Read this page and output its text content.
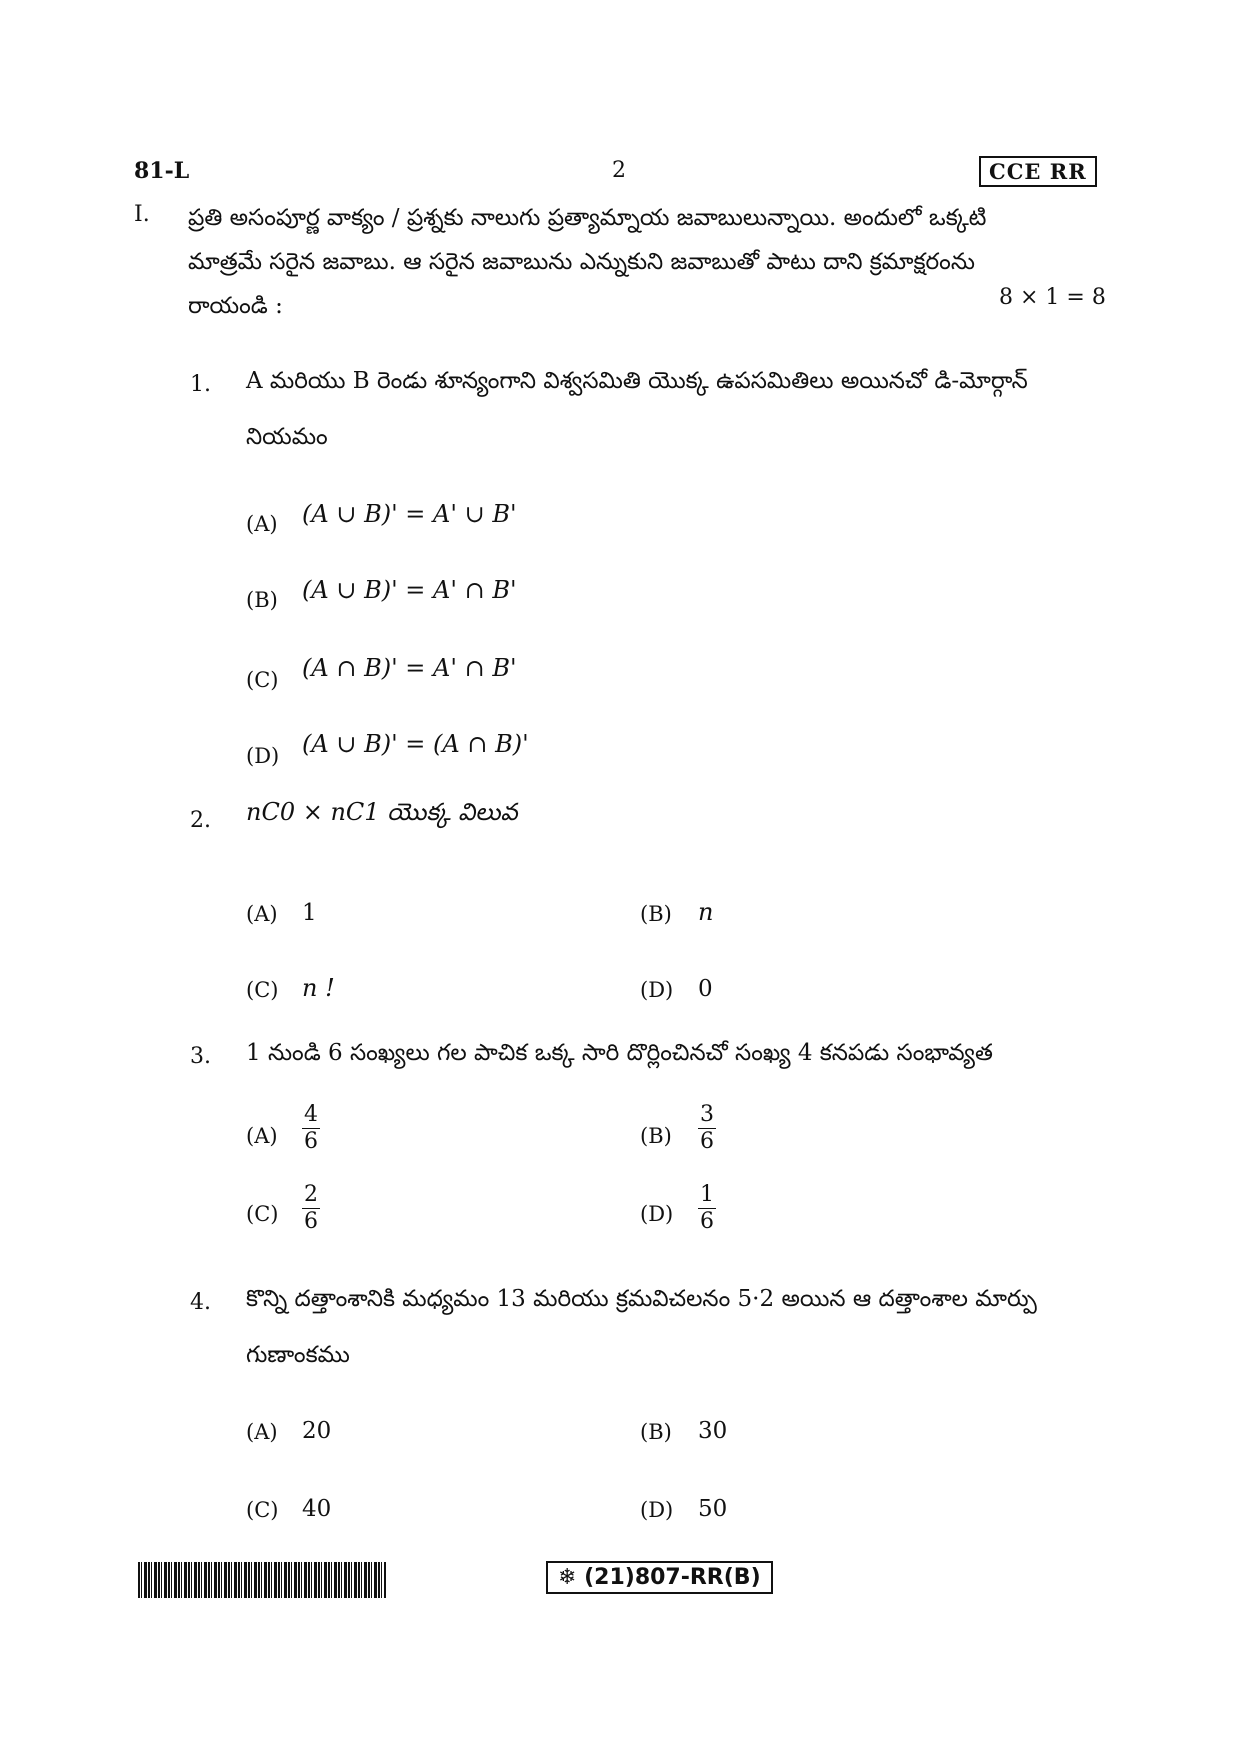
81-L	2	CCE RR
I. ప్రతి అసంపూర్ణ వాక్యం / ప్రశ్నకు నాలుగు ప్రత్యామ్నాయ జవాబులున్నాయి. అందులో ఒక్కటి
మాత్రమే సరైన జవాబు. ఆ సరైన జవాబును ఎన్నుకుని జవాబుతో పాటు దాని క్రమాక్షరంను
రాయండి :	8 × 1 = 8
1. A మరియు B రెండు శూన్యంగాని విశ్వసమితి యొక్క ఉపసమితిలు అయినచో డి-మోర్గాన్
నియమం
(A) (A ∪ B)' = A' ∪ B'
(B) (A ∪ B)' = A' ∩ B'
(C) (A ∩ B)' = A' ∩ B'
(D) (A ∪ B)' = (A ∩ B)'
2. nC0 × nC1 యొక్క విలువ
(A) 1	(B) n
(C) n !	(D) 0
3. 1 నుండి 6 సంఖ్యలు గల పాచిక ఒక్క సారి దొర్లించినచో సంఖ్య 4 కనపడు సంభావ్యత
$(A) \frac{4}{6}$	$(B) \frac{3}{6}$
$(C) \frac{2}{6}$	$(D) \frac{1}{6}$
4. కొన్ని దత్తాంశానికి మధ్యమం 13 మరియు క్రమవిచలనం 5·2 అయిన ఆ దత్తాంశాల మార్పు
గుణాంకము
(A) 20	(B) 30
(C) 40	(D) 50
❄ (21)807-RR(B)
